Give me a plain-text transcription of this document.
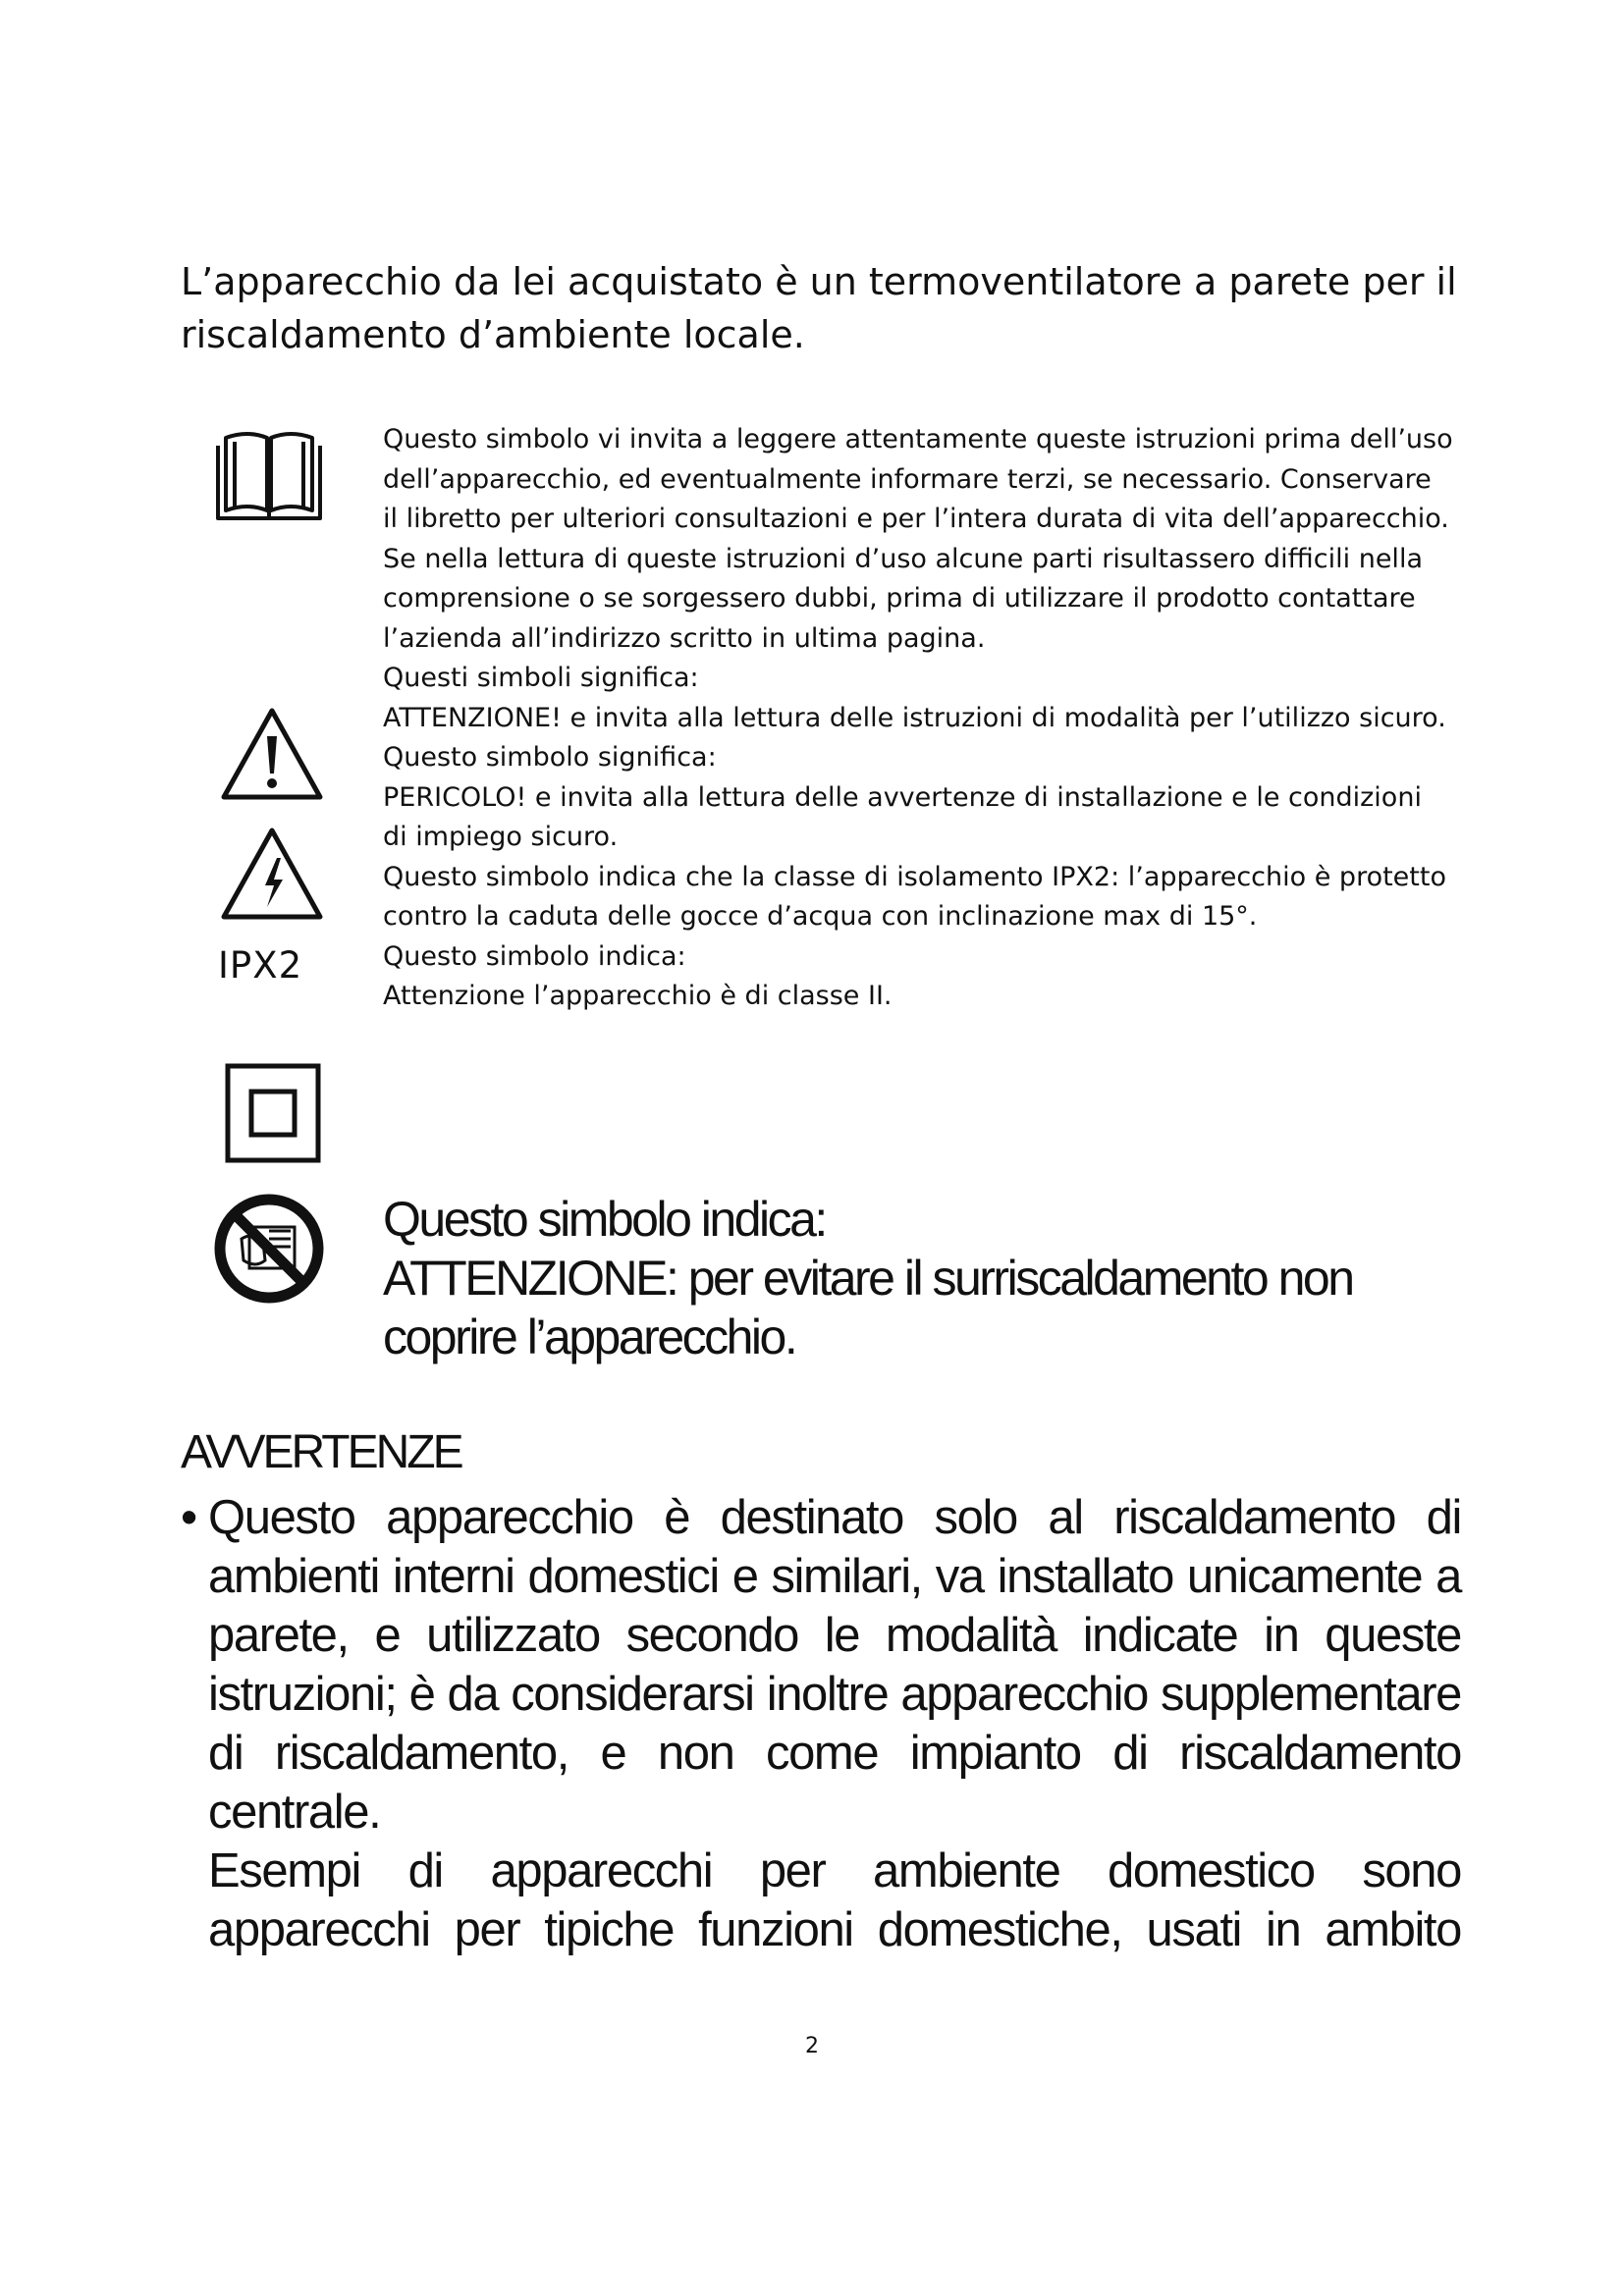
L’apparecchio da lei acquistato è un termoventilatore a parete per il riscaldamento d’ambiente locale.

IPX2

Questo simbolo vi invita a leggere attentamente queste istruzioni prima dell’uso dell’apparecchio, ed eventualmente informare terzi, se necessario. Conservare il libretto per ulteriori consultazioni e per l’intera durata di vita dell’apparecchio. Se nella lettura di queste istruzioni d’uso alcune parti risultassero difficili nella comprensione o se sorgessero dubbi, prima di utilizzare il prodotto contattare l’azienda all’indirizzo scritto in ultima pagina.

Questi simboli significa:

ATTENZIONE! e invita alla lettura delle istruzioni di modalità per l’utilizzo sicuro.

Questo simbolo significa:

PERICOLO! e invita alla lettura delle avvertenze di installazione e le condizioni di impiego sicuro.

Questo simbolo indica che la classe di isolamento IPX2: l’apparecchio è protetto contro la caduta delle gocce d’acqua con inclinazione max di 15°.

Questo simbolo indica:

Attenzione l’apparecchio è di classe II.

Questo simbolo indica:

ATTENZIONE: per evitare il surriscaldamento non coprire l’apparecchio.

AVVERTENZE

• Questo apparecchio è destinato solo al riscaldamento di ambienti interni domestici e similari, va installato unicamente a parete, e utilizzato secondo le modalità indicate in queste istruzioni; è da considerarsi inoltre apparecchio supplementare di riscaldamento, e non come impianto di riscaldamento centrale.

Esempi di apparecchi per ambiente domestico sono apparecchi per tipiche funzioni domestiche, usati in ambito

2
